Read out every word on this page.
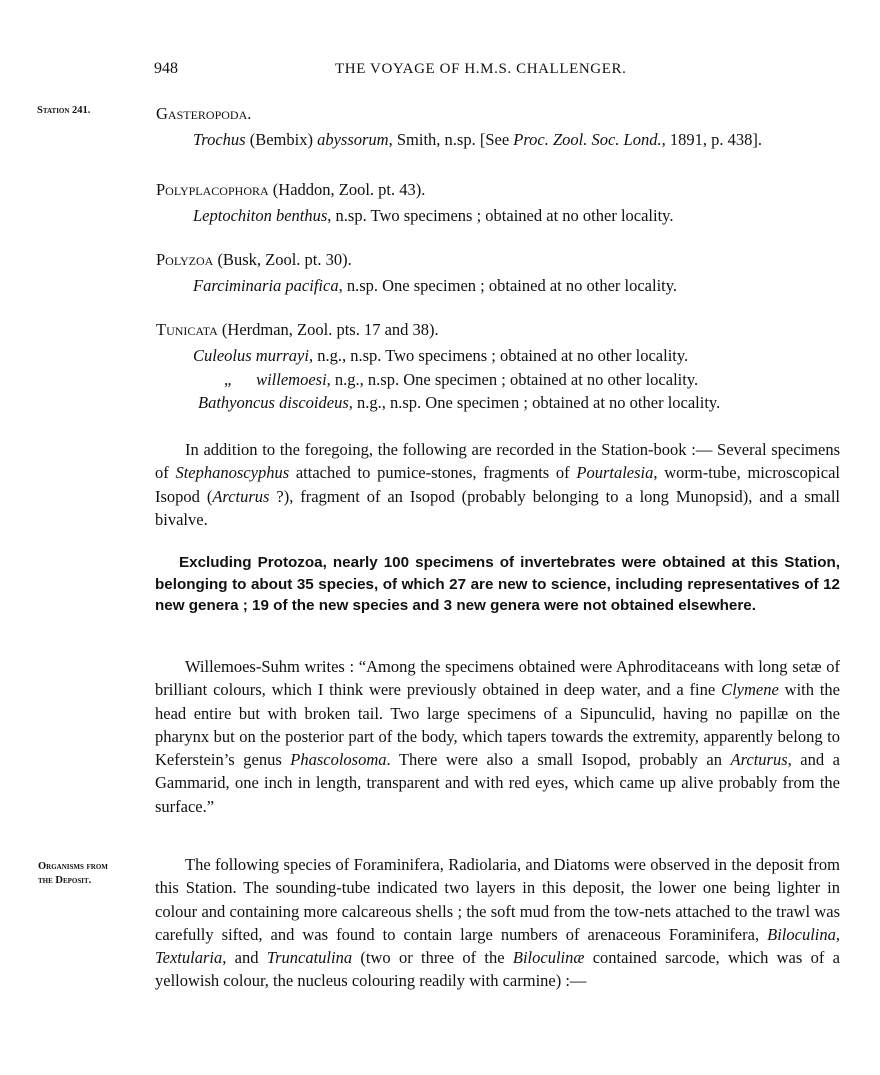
948	THE VOYAGE OF H.M.S. CHALLENGER.
Station 241.
Organisms from
the Deposit.
Gasteropoda.
Trochus (Bembix) abyssorum, Smith, n.sp. [See Proc. Zool. Soc. Lond., 1891, p. 438].
Polyplacophora (Haddon, Zool. pt. 43).
Leptochiton benthus, n.sp. Two specimens ; obtained at no other locality.
Polyzoa (Busk, Zool. pt. 30).
Farciminaria pacifica, n.sp. One specimen ; obtained at no other locality.
Tunicata (Herdman, Zool. pts. 17 and 38).
Culeolus murrayi, n.g., n.sp. Two specimens ; obtained at no other locality.
„ willemoesi, n.g., n.sp. One specimen ; obtained at no other locality.
Bathyoncus discoideus, n.g., n.sp. One specimen ; obtained at no other locality.
In addition to the foregoing, the following are recorded in the Station-book :— Several specimens of Stephanoscyphus attached to pumice-stones, fragments of Pourtalesia, worm-tube, microscopical Isopod (Arcturus ?), fragment of an Isopod (probably belonging to a long Munopsid), and a small bivalve.
Excluding Protozoa, nearly 100 specimens of invertebrates were obtained at this Station, belonging to about 35 species, of which 27 are new to science, including representatives of 12 new genera ; 19 of the new species and 3 new genera were not obtained elsewhere.
Willemoes-Suhm writes : “Among the specimens obtained were Aphroditaceans with long setæ of brilliant colours, which I think were previously obtained in deep water, and a fine Clymene with the head entire but with broken tail. Two large specimens of a Sipunculid, having no papillæ on the pharynx but on the posterior part of the body, which tapers towards the extremity, apparently belong to Keferstein’s genus Phascolosoma. There were also a small Isopod, probably an Arcturus, and a Gammarid, one inch in length, transparent and with red eyes, which came up alive probably from the surface.”
The following species of Foraminifera, Radiolaria, and Diatoms were observed in the deposit from this Station. The sounding-tube indicated two layers in this deposit, the lower one being lighter in colour and containing more calcareous shells ; the soft mud from the tow-nets attached to the trawl was carefully sifted, and was found to contain large numbers of arenaceous Foraminifera, Biloculina, Textularia, and Truncatulina (two or three of the Biloculinæ contained sarcode, which was of a yellowish colour, the nucleus colouring readily with carmine) :—
